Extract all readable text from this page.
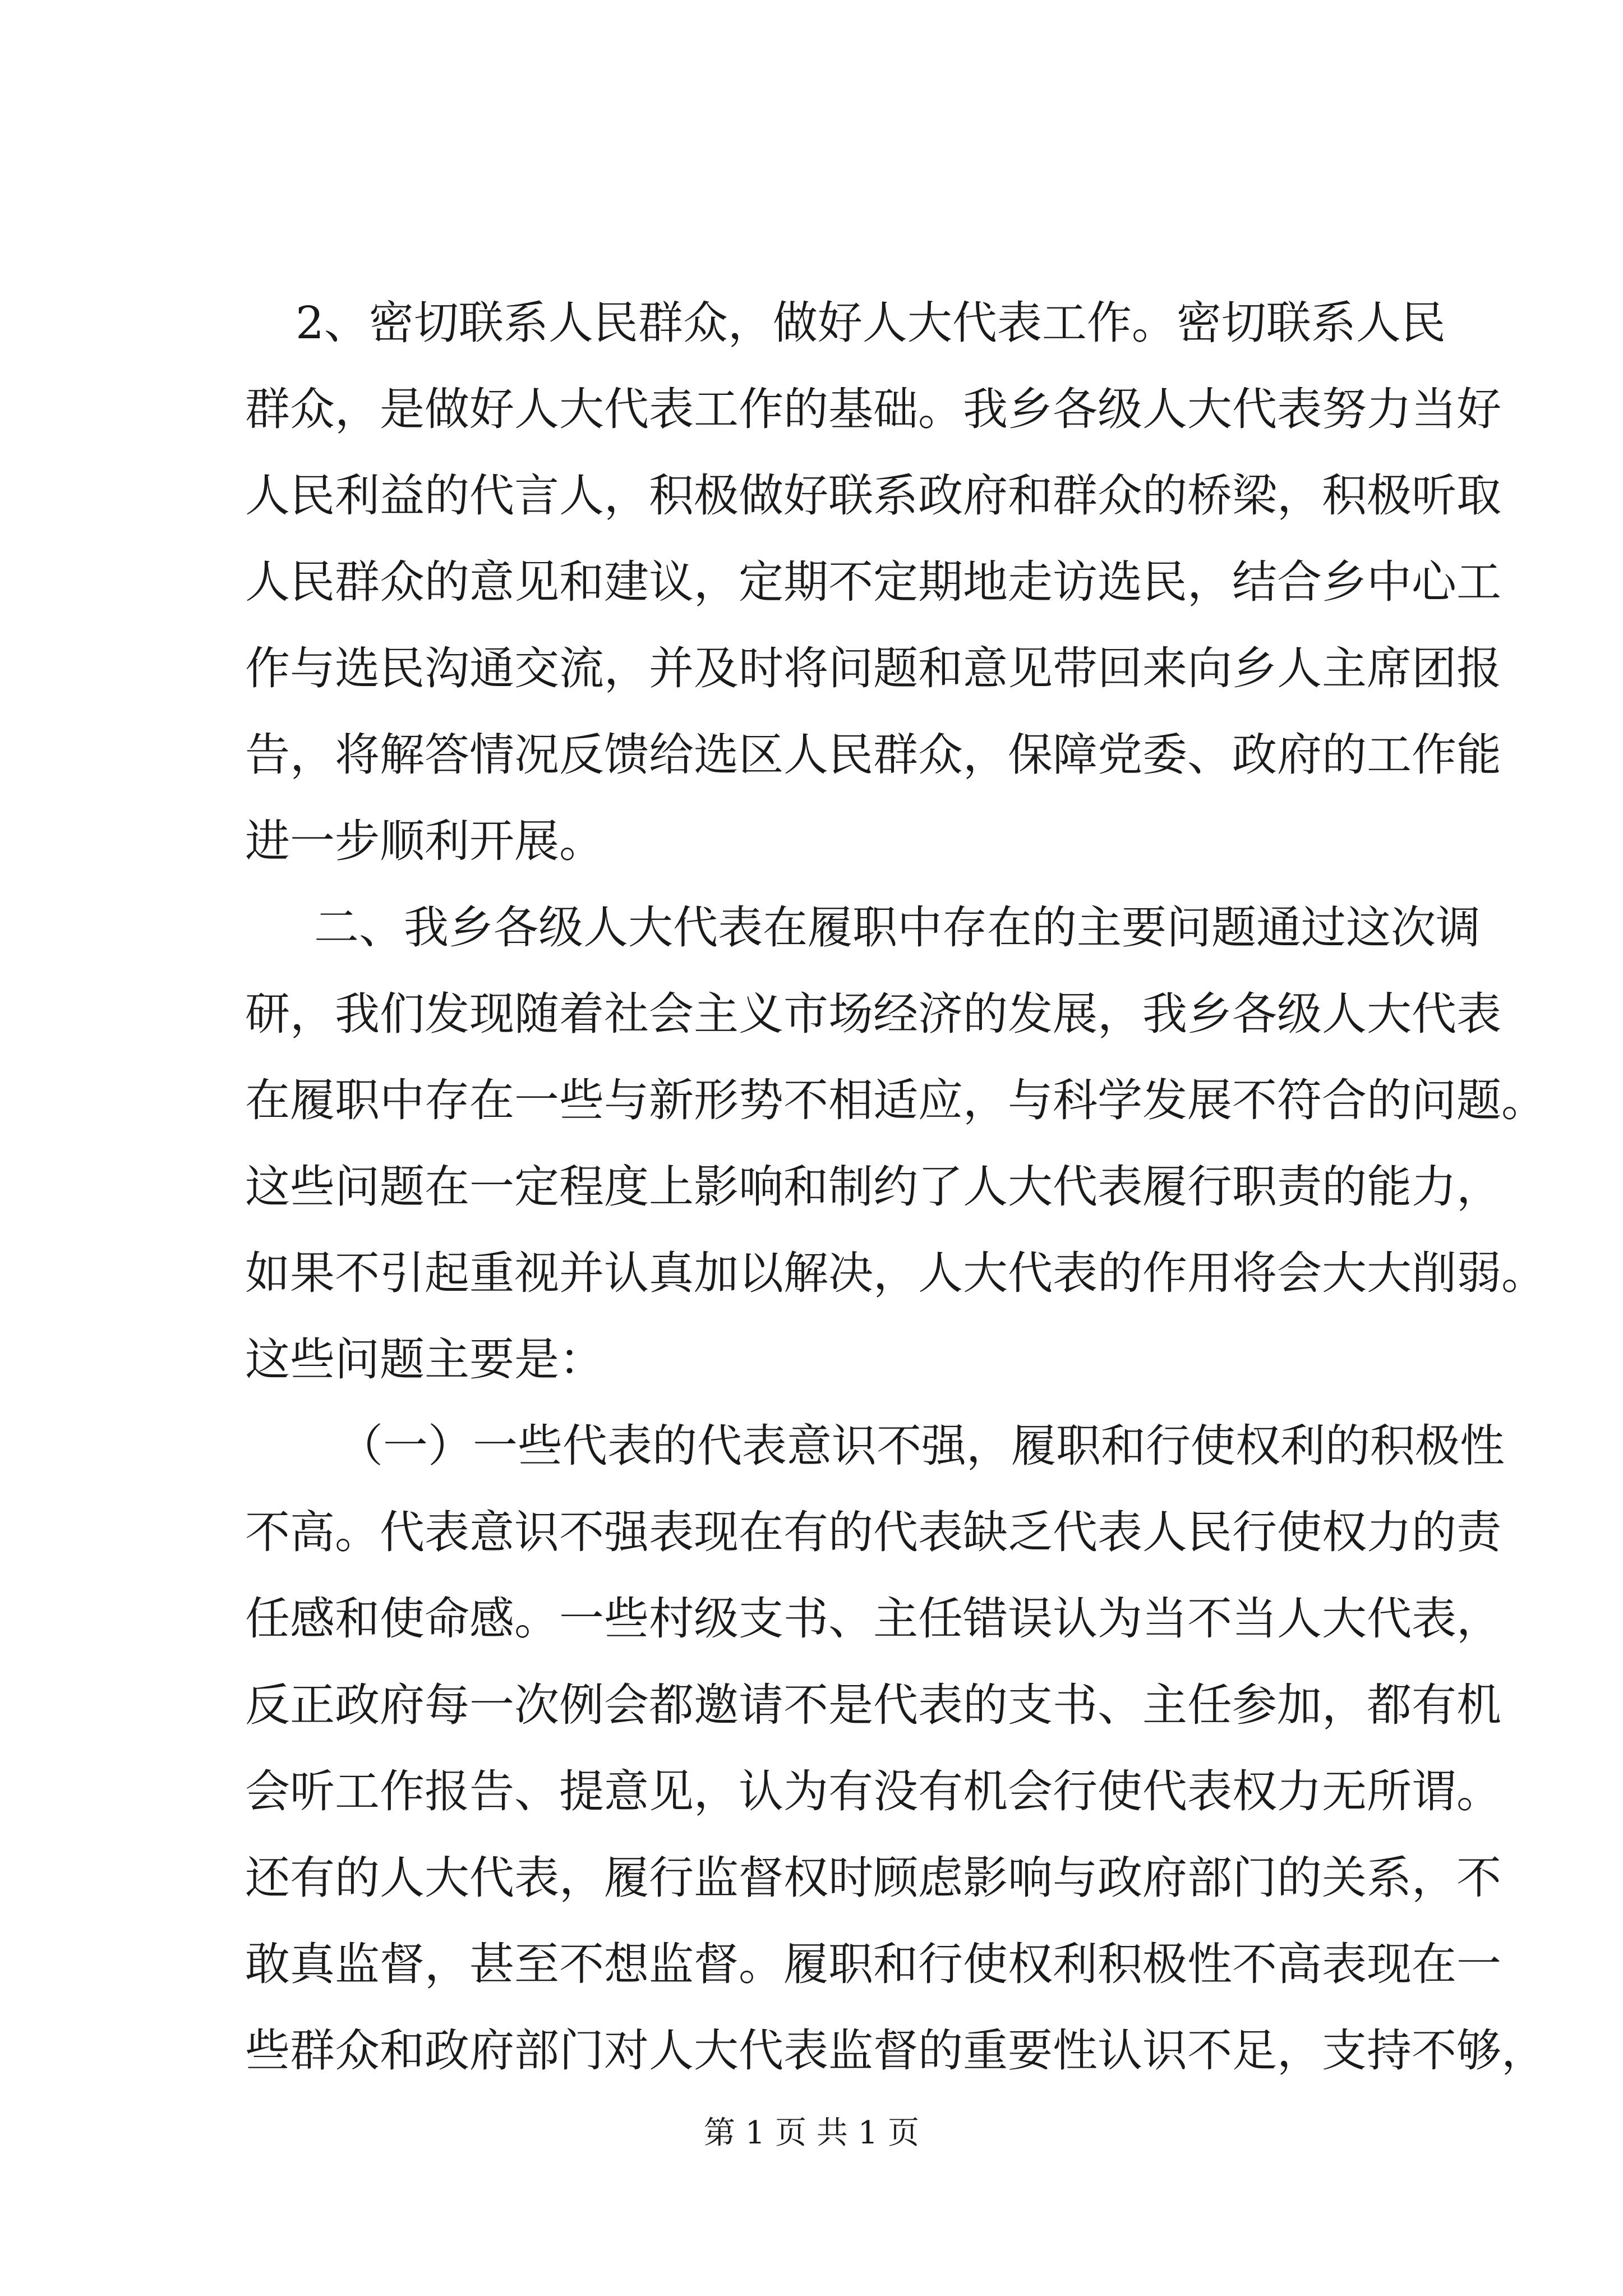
2、密切联系人民群众，做好人大代表工作。密切联系人民
群众，是做好人大代表工作的基础。我乡各级人大代表努力当好
人民利益的代言人，积极做好联系政府和群众的桥梁，积极听取
人民群众的意见和建议，定期不定期地走访选民，结合乡中心工
作与选民沟通交流，并及时将问题和意见带回来向乡人主席团报
告，将解答情况反馈给选区人民群众，保障党委、政府的工作能
进一步顺利开展。
二、我乡各级人大代表在履职中存在的主要问题通过这次调
研，我们发现随着社会主义市场经济的发展，我乡各级人大代表
在履职中存在一些与新形势不相适应，与科学发展不符合的问题。
这些问题在一定程度上影响和制约了人大代表履行职责的能力，
如果不引起重视并认真加以解决，人大代表的作用将会大大削弱。
这些问题主要是：
（一）一些代表的代表意识不强，履职和行使权利的积极性
不高。代表意识不强表现在有的代表缺乏代表人民行使权力的责
任感和使命感。一些村级支书、主任错误认为当不当人大代表，
反正政府每一次例会都邀请不是代表的支书、主任参加，都有机
会听工作报告、提意见，认为有没有机会行使代表权力无所谓。
还有的人大代表，履行监督权时顾虑影响与政府部门的关系，不
敢真监督，甚至不想监督。履职和行使权利积极性不高表现在一
些群众和政府部门对人大代表监督的重要性认识不足，支持不够，
第 1 页 共 1 页
